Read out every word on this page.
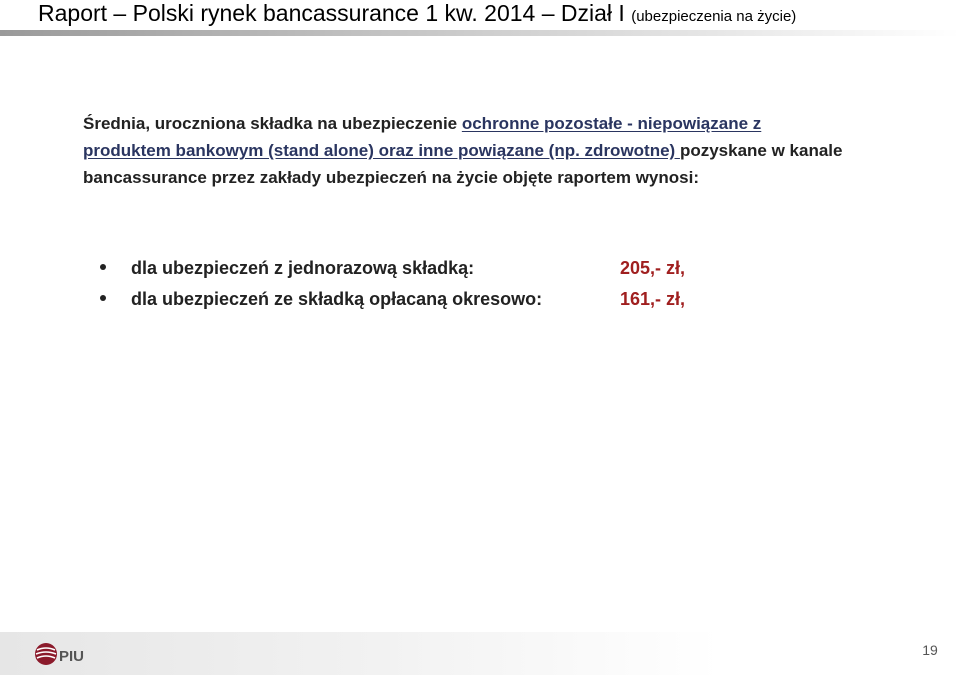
Raport – Polski rynek bancassurance 1 kw. 2014 – Dział I (ubezpieczenia na życie)
Średnia, uroczniona składka na ubezpieczenie ochronne pozostałe - niepowiązane z
produktem bankowym (stand alone) oraz inne powiązane (np. zdrowotne) pozyskane w kanale
bancassurance przez zakłady ubezpieczeń na życie objęte raportem wynosi:
dla ubezpieczeń z jednorazową składką:	205,- zł,
dla ubezpieczeń ze składką opłacaną okresowo:	161,- zł,
PIU	19
